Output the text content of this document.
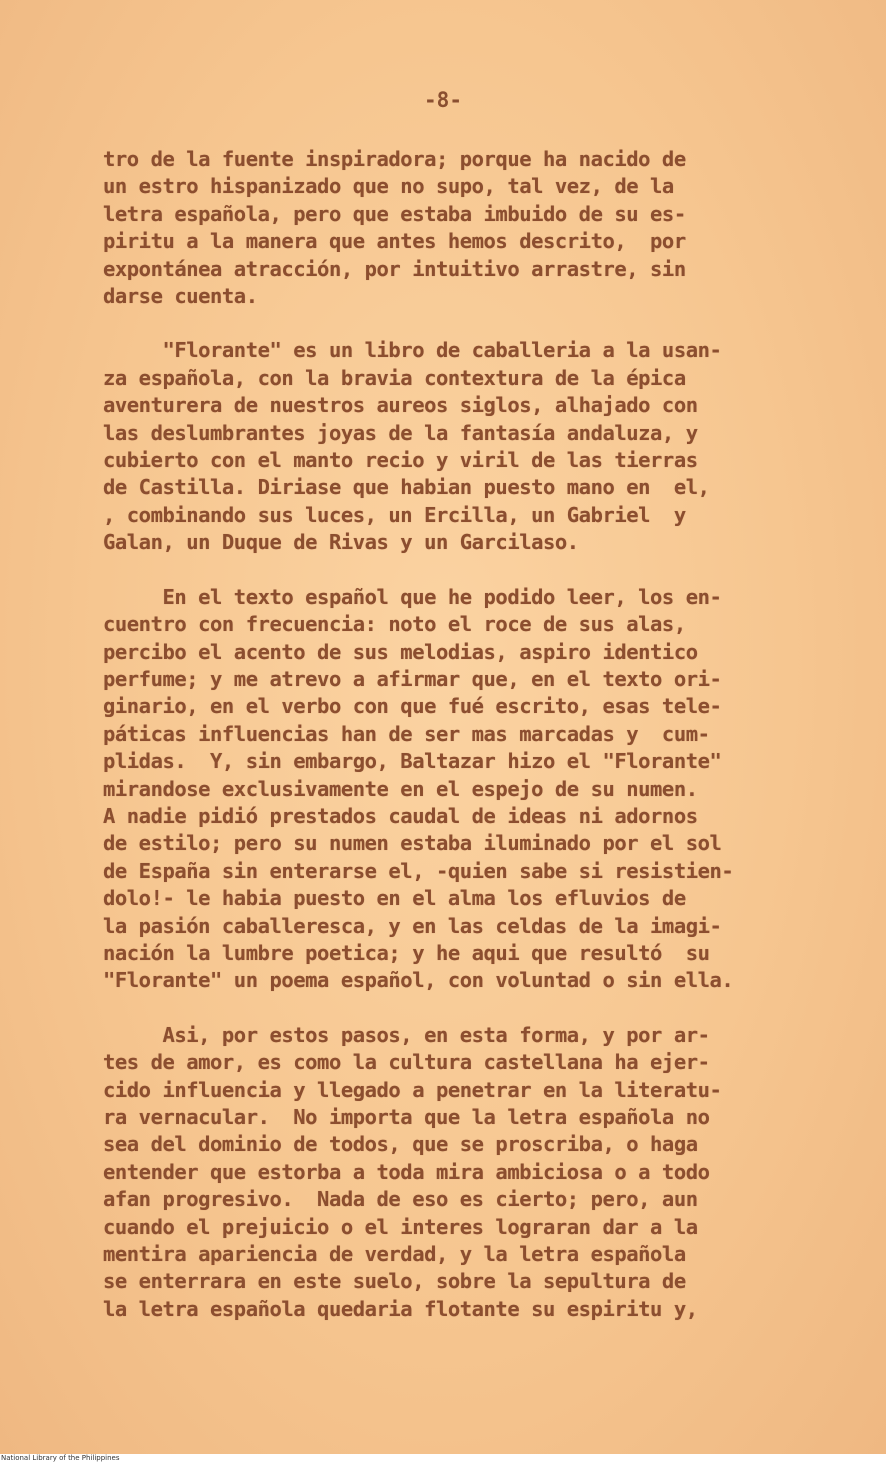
-8-
tro de la fuente inspiradora; porque ha nacido de
un estro hispanizado que no supo, tal vez, de la
letra española, pero que estaba imbuido de su es-
piritu a la manera que antes hemos descrito,  por
expontánea atracción, por intuitivo arrastre, sin
darse cuenta.
"Florante" es un libro de caballeria a la usan-
za española, con la bravia contextura de la épica
aventurera de nuestros aureos siglos, alhajado con
las deslumbrantes joyas de la fantasía andaluza, y
cubierto con el manto recio y viril de las tierras
de Castilla. Diriase que habian puesto mano en  el,
, combinando sus luces, un Ercilla, un Gabriel  y
Galan, un Duque de Rivas y un Garcilaso.
En el texto español que he podido leer, los en-
cuentro con frecuencia: noto el roce de sus alas,
percibo el acento de sus melodias, aspiro identico
perfume; y me atrevo a afirmar que, en el texto ori-
ginario, en el verbo con que fué escrito, esas tele-
páticas influencias han de ser mas marcadas y  cum-
plidas.  Y, sin embargo, Baltazar hizo el "Florante"
mirandose exclusivamente en el espejo de su numen.
A nadie pidió prestados caudal de ideas ni adornos
de estilo; pero su numen estaba iluminado por el sol
de España sin enterarse el, -quien sabe si resistien-
dolo!- le habia puesto en el alma los efluvios de
la pasión caballeresca, y en las celdas de la imagi-
nación la lumbre poetica; y he aqui que resultó  su
"Florante" un poema español, con voluntad o sin ella.
Asi, por estos pasos, en esta forma, y por ar-
tes de amor, es como la cultura castellana ha ejer-
cido influencia y llegado a penetrar en la literatu-
ra vernacular.  No importa que la letra española no
sea del dominio de todos, que se proscriba, o haga
entender que estorba a toda mira ambiciosa o a todo
afan progresivo.  Nada de eso es cierto; pero, aun
cuando el prejuicio o el interes lograran dar a la
mentira apariencia de verdad, y la letra española
se enterrara en este suelo, sobre la sepultura de
la letra española quedaria flotante su espiritu y,
National Library of the Philippines
